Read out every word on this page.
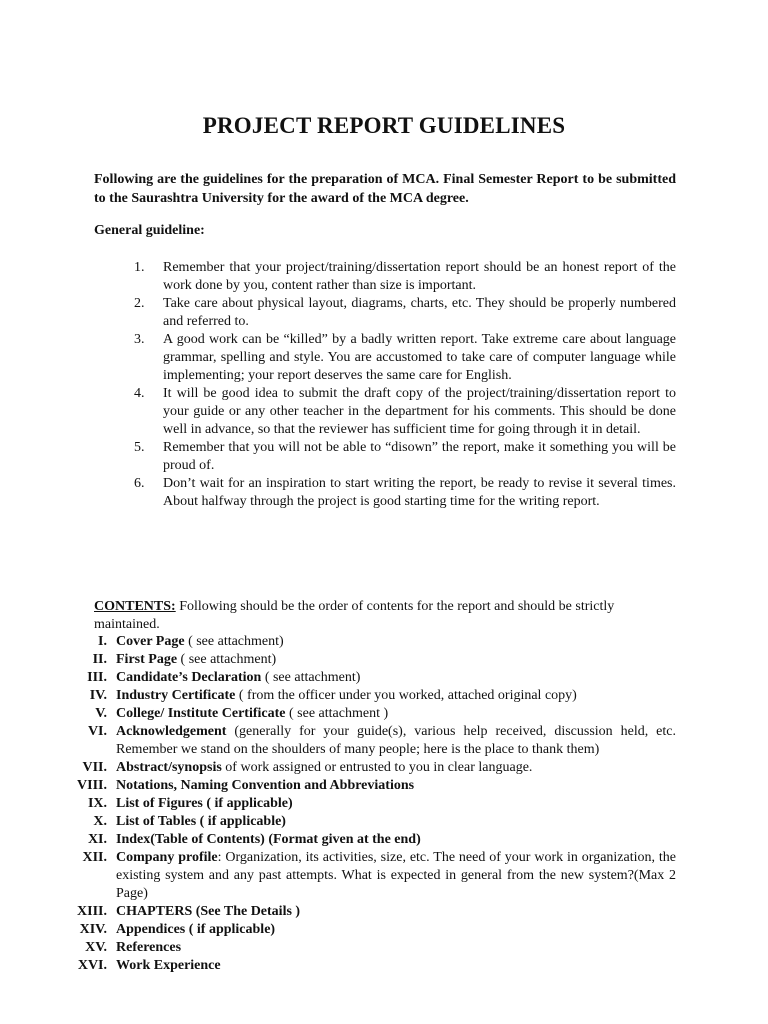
PROJECT REPORT GUIDELINES

Following are the guidelines for the preparation of MCA. Final Semester Report to be submitted to the Saurashtra University for the award of the MCA degree.

General guideline:

1. Remember that your project/training/dissertation report should be an honest report of the work done by you, content rather than size is important.
2. Take care about physical layout, diagrams, charts, etc. They should be properly numbered and referred to.
3. A good work can be “killed” by a badly written report. Take extreme care about language grammar, spelling and style. You are accustomed to take care of computer language while implementing; your report deserves the same care for English.
4. It will be good idea to submit the draft copy of the project/training/dissertation report to your guide or any other teacher in the department for his comments. This should be done well in advance, so that the reviewer has sufficient time for going through it in detail.
5. Remember that you will not be able to “disown” the report, make it something you will be proud of.
6. Don’t wait for an inspiration to start writing the report, be ready to revise it several times. About halfway through the project is good starting time for the writing report.

CONTENTS: Following should be the order of contents for the report and should be strictly maintained.

I. Cover Page ( see attachment)
II. First Page ( see attachment)
III. Candidate’s Declaration ( see attachment)
IV. Industry Certificate ( from the officer under you worked, attached original copy)
V. College/ Institute Certificate ( see attachment )
VI. Acknowledgement (generally for your guide(s), various help received, discussion held, etc. Remember we stand on the shoulders of many people; here is the place to thank them)
VII. Abstract/synopsis of work assigned or entrusted to you in clear language.
VIII. Notations, Naming Convention and Abbreviations
IX. List of Figures ( if applicable)
X. List of Tables ( if applicable)
XI. Index(Table of Contents) (Format given at the end)
XII. Company profile: Organization, its activities, size, etc. The need of your work in organization, the existing system and any past attempts. What is expected in general from the new system?(Max 2 Page)
XIII. CHAPTERS (See The Details )
XIV. Appendices ( if applicable)
XV. References
XVI. Work Experience
